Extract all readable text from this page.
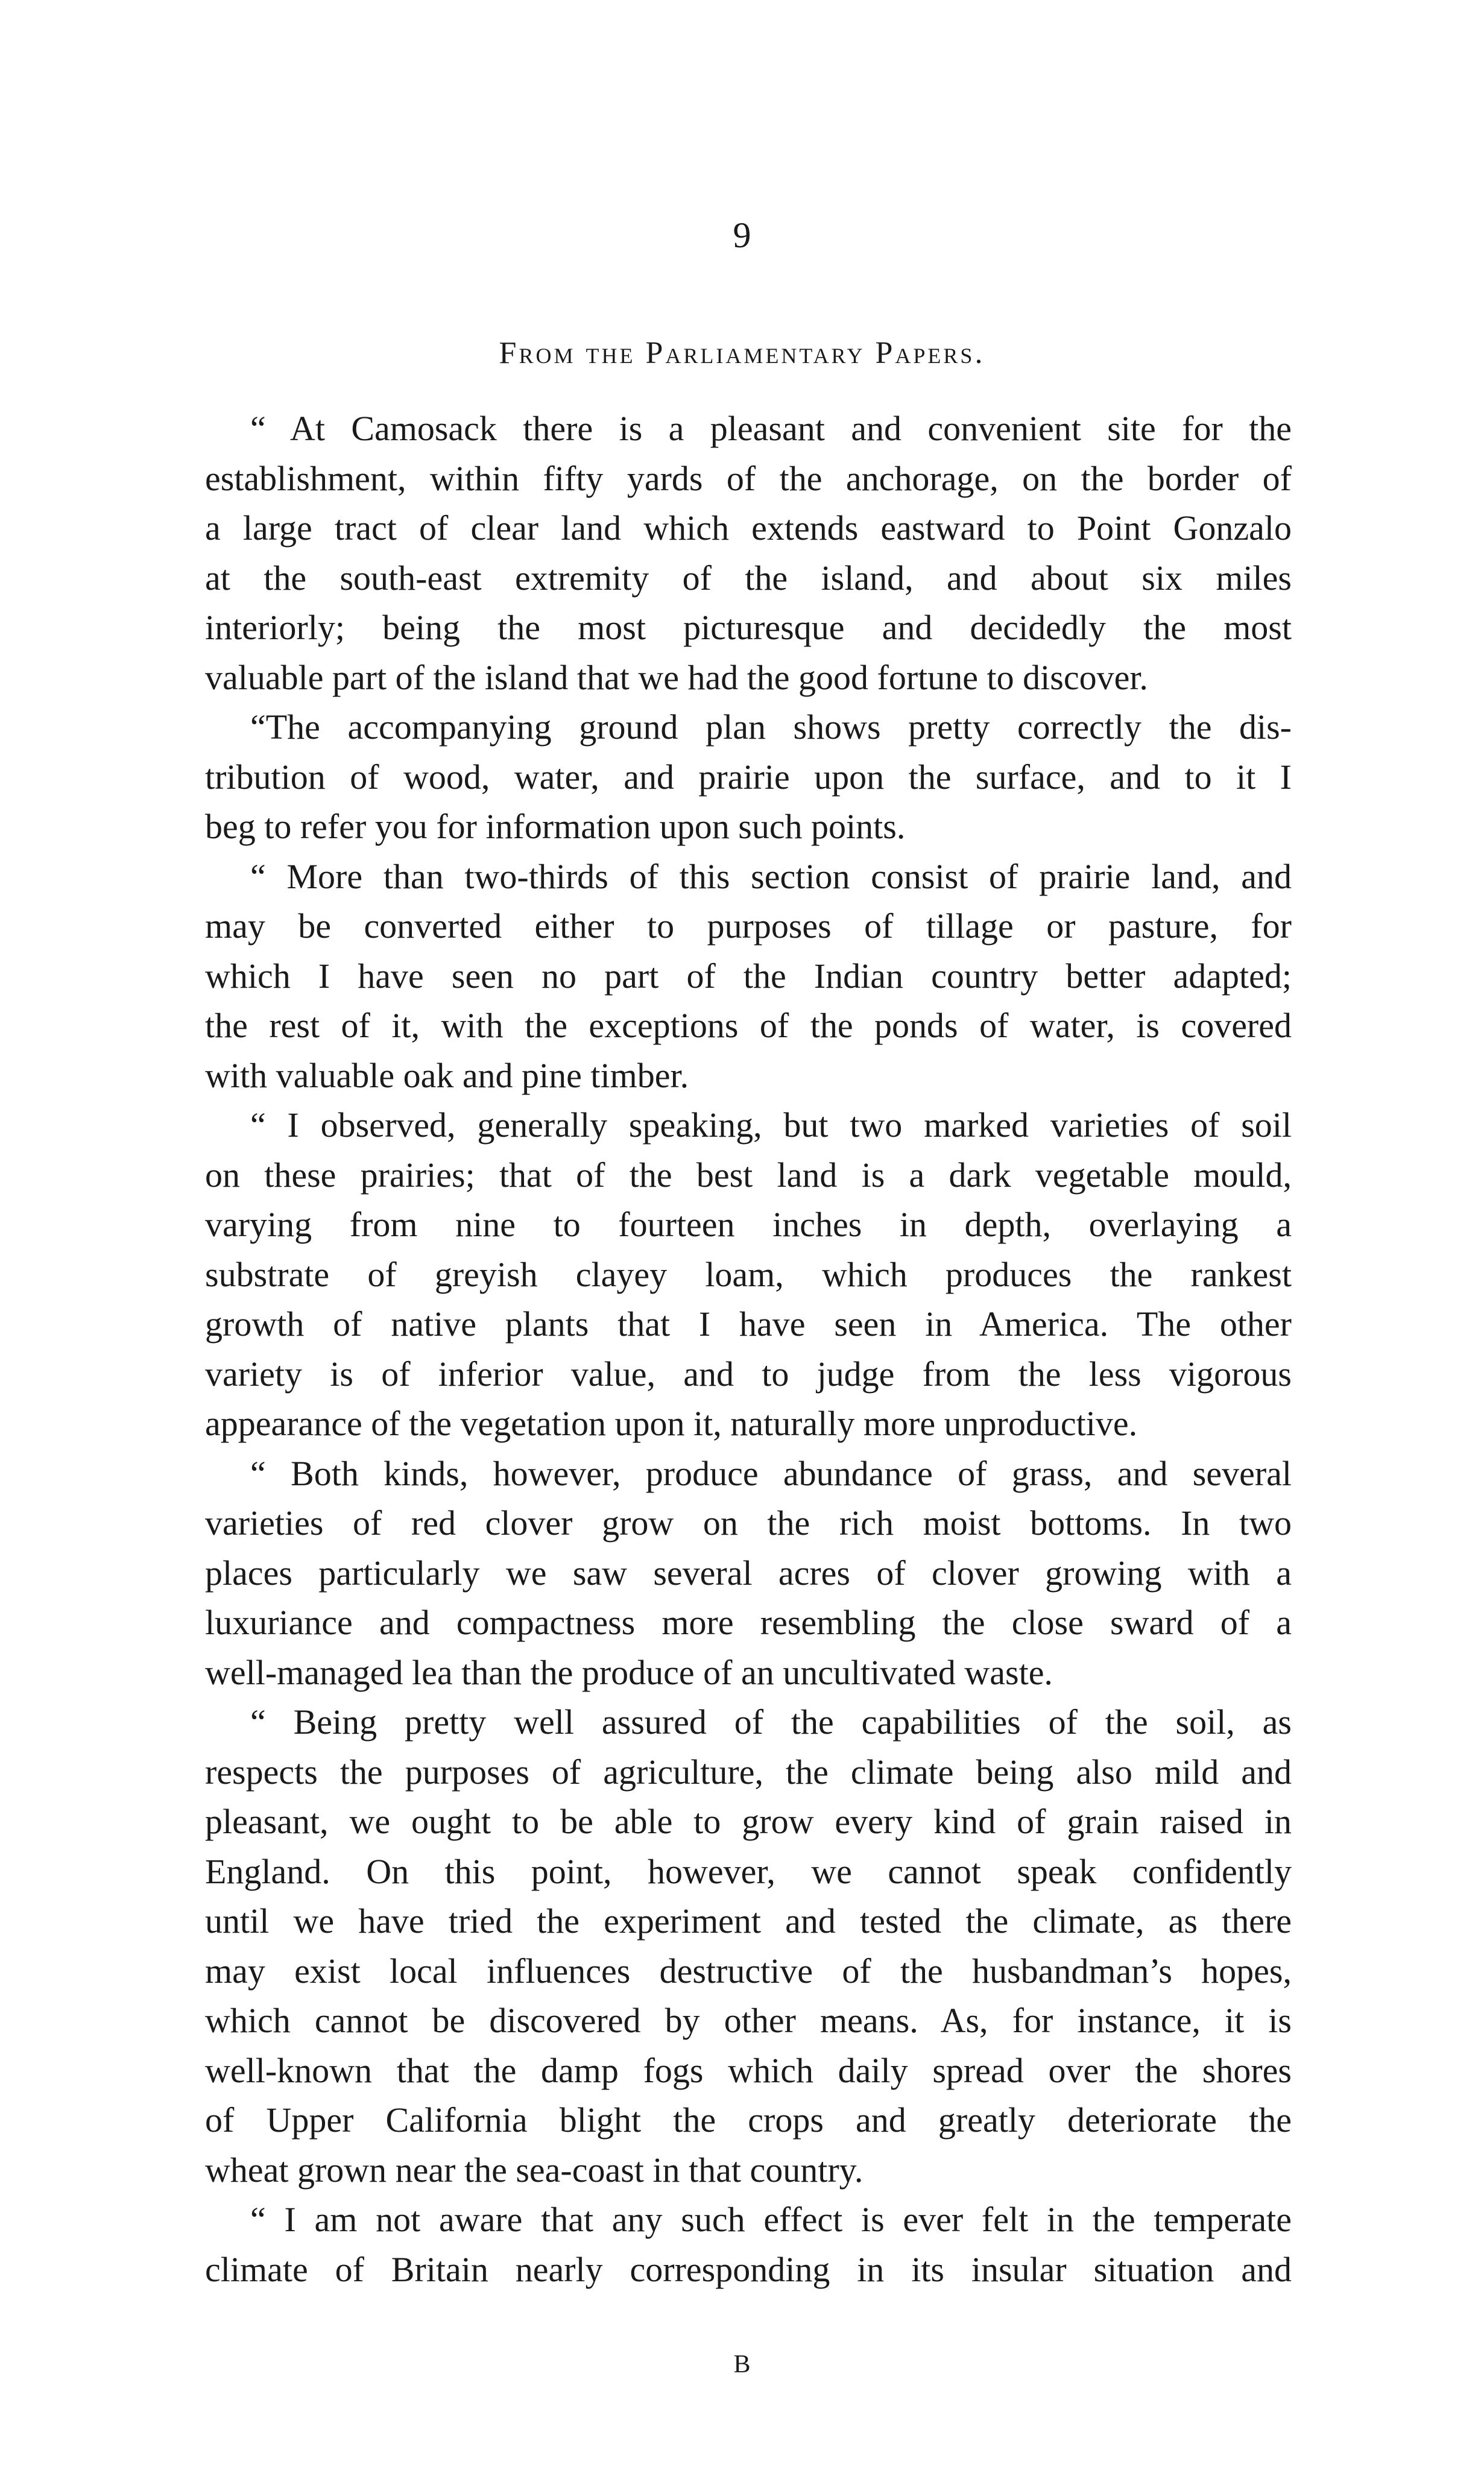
9
From the Parliamentary Papers.
“ At Camosack there is a pleasant and convenient site for the
establishment, within fifty yards of the anchorage, on the border of
a large tract of clear land which extends eastward to Point Gonzalo
at the south-east extremity of the island, and about six miles
interiorly; being the most picturesque and decidedly the most
valuable part of the island that we had the good fortune to discover.
“The accompanying ground plan shows pretty correctly the dis-
tribution of wood, water, and prairie upon the surface, and to it I
beg to refer you for information upon such points.
“ More than two-thirds of this section consist of prairie land, and
may be converted either to purposes of tillage or pasture, for
which I have seen no part of the Indian country better adapted;
the rest of it, with the exceptions of the ponds of water, is covered
with valuable oak and pine timber.
“ I observed, generally speaking, but two marked varieties of soil
on these prairies; that of the best land is a dark vegetable mould,
varying from nine to fourteen inches in depth, overlaying a
substrate of greyish clayey loam, which produces the rankest
growth of native plants that I have seen in America. The other
variety is of inferior value, and to judge from the less vigorous
appearance of the vegetation upon it, naturally more unproductive.
“ Both kinds, however, produce abundance of grass, and several
varieties of red clover grow on the rich moist bottoms. In two
places particularly we saw several acres of clover growing with a
luxuriance and compactness more resembling the close sward of a
well-managed lea than the produce of an uncultivated waste.
“ Being pretty well assured of the capabilities of the soil, as
respects the purposes of agriculture, the climate being also mild and
pleasant, we ought to be able to grow every kind of grain raised in
England. On this point, however, we cannot speak confidently
until we have tried the experiment and tested the climate, as there
may exist local influences destructive of the husbandman’s hopes,
which cannot be discovered by other means. As, for instance, it is
well-known that the damp fogs which daily spread over the shores
of Upper California blight the crops and greatly deteriorate the
wheat grown near the sea-coast in that country.
“ I am not aware that any such effect is ever felt in the temperate
climate of Britain nearly corresponding in its insular situation and
B
